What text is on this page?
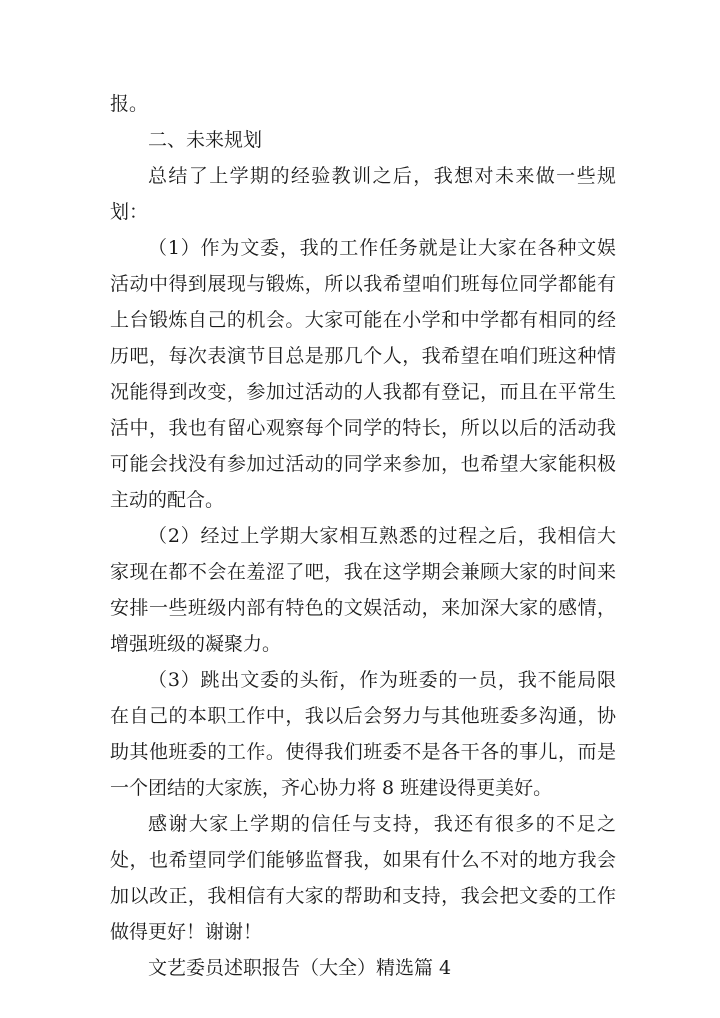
报。

二、未来规划

总结了上学期的经验教训之后，我想对未来做一些规划：

（1）作为文委，我的工作任务就是让大家在各种文娱活动中得到展现与锻炼，所以我希望咱们班每位同学都能有上台锻炼自己的机会。大家可能在小学和中学都有相同的经历吧，每次表演节目总是那几个人，我希望在咱们班这种情况能得到改变，参加过活动的人我都有登记，而且在平常生活中，我也有留心观察每个同学的特长，所以以后的活动我可能会找没有参加过活动的同学来参加，也希望大家能积极主动的配合。

（2）经过上学期大家相互熟悉的过程之后，我相信大家现在都不会在羞涩了吧，我在这学期会兼顾大家的时间来安排一些班级内部有特色的文娱活动，来加深大家的感情，增强班级的凝聚力。

（3）跳出文委的头衔，作为班委的一员，我不能局限在自己的本职工作中，我以后会努力与其他班委多沟通，协助其他班委的工作。使得我们班委不是各干各的事儿，而是一个团结的大家族，齐心协力将 8 班建设得更美好。

感谢大家上学期的信任与支持，我还有很多的不足之处，也希望同学们能够监督我，如果有什么不对的地方我会加以改正，我相信有大家的帮助和支持，我会把文委的工作做得更好！谢谢！

文艺委员述职报告（大全）精选篇 4
